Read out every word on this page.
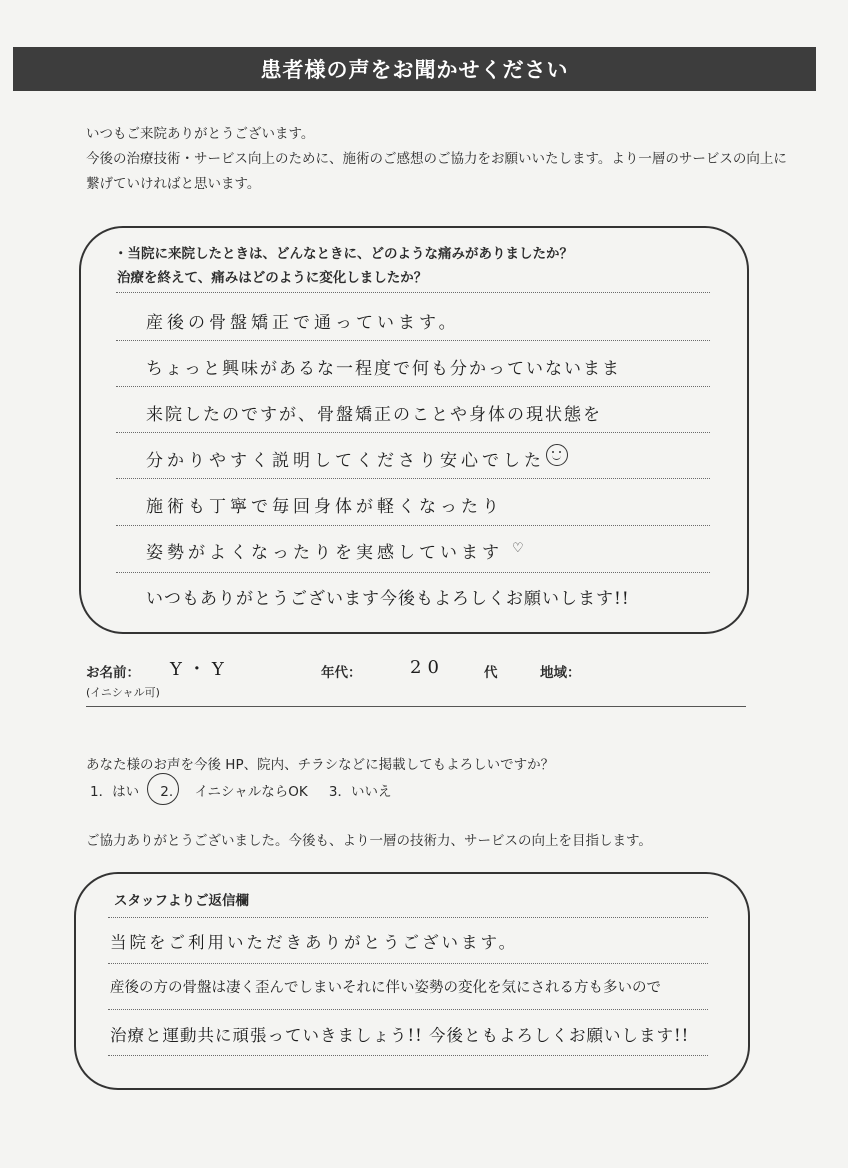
患者様の声をお聞かせください
いつもご来院ありがとうございます。
今後の治療技術・サービス向上のために、施術のご感想のご協力をお願いいたします。より一層のサービスの向上に
繋げていければと思います。
・当院に来院したときは、どんなときに、どのような痛みがありましたか？
治療を終えて、痛みはどのように変化しましたか？
産後の骨盤矯正で通っています。
ちょっと興味があるな一程度で何も分かっていないまま
来院したのですが、骨盤矯正のことや身体の現状態を
分かりやすく説明してくださり安心でした
施術も丁寧で毎回身体が軽くなったり
姿勢がよくなったりを実感しています ♡
いつもありがとうございます今後もよろしくお願いします!!
お名前： Y・Y
(イニシャル可)
年代：	20	代	地域：
あなた様のお声を今後 HP、院内、チラシなどに掲載してもよろしいですか？
1．はい 2. イニシャルならOK 3．いいえ
ご協力ありがとうございました。今後も、より一層の技術力、サービスの向上を目指します。
スタッフよりご返信欄
当院をご利用いただきありがとうございます。
産後の方の骨盤は凄く歪んでしまいそれに伴い姿勢の変化を気にされる方も多いので
治療と運動共に頑張っていきましょう!! 今後ともよろしくお願いします!!
